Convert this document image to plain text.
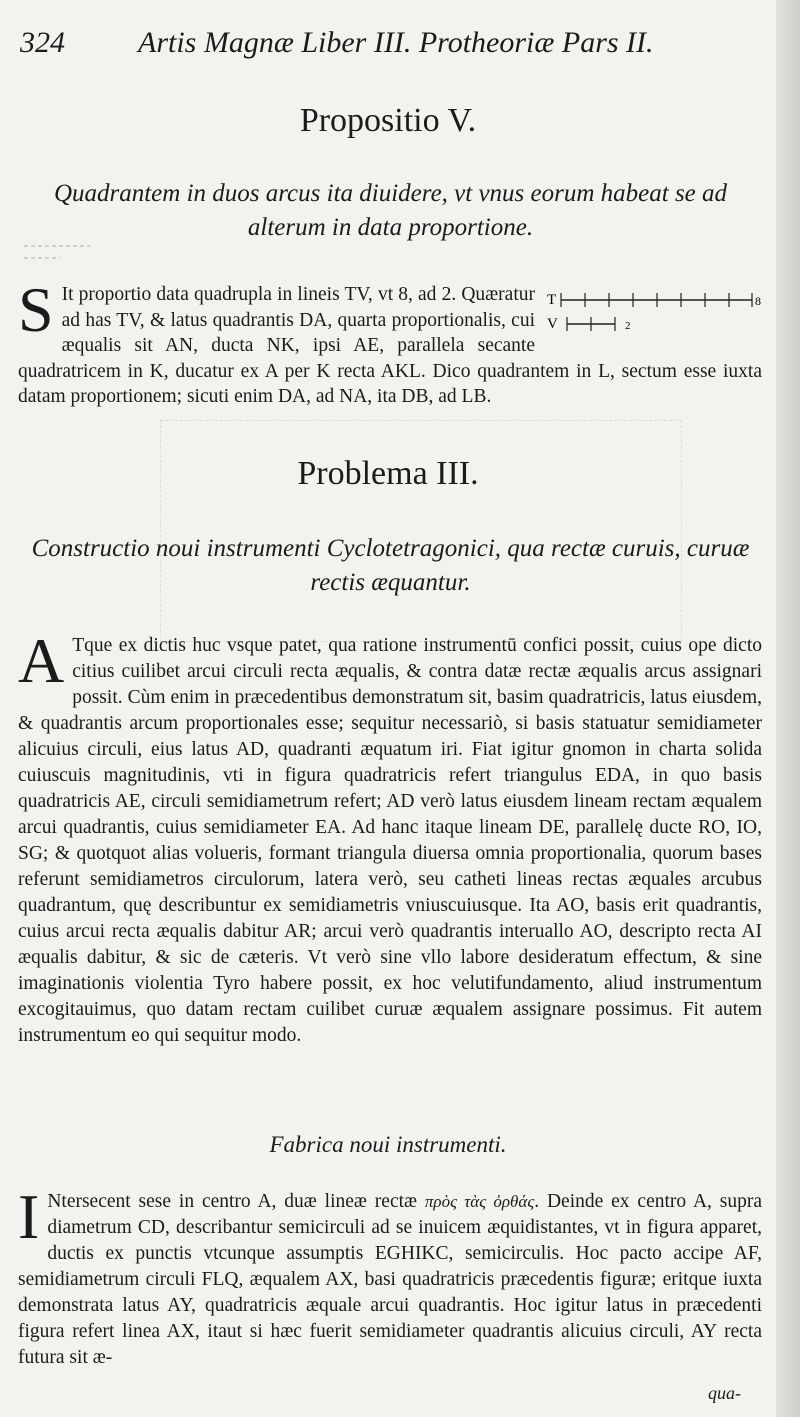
324 Artis Magnæ Liber III. Protheoriæ Pars II.
Propositio V.

Quadrantem in duos arcus ita diuidere, vt vnus eorum habeat se ad alterum in data proportione.

T	8
V	2
S It proportio data quadrupla in lineis TV, vt 8, ad 2. Quæratur ad has TV, & latus quadrantis DA, quarta proportionalis, cui æqualis sit AN, ducta NK, ipsi AE, parallela secante quadratricem in K, ducatur ex A per K recta AKL. Dico quadrantem in L, sectum esse iuxta datam proportionem; sicuti enim DA, ad NA, ita DB, ad LB.

Problema III.

Constructio noui instrumenti Cyclotetragonici, qua rectæ curuis, curuæ rectis æquantur.

A Tque ex dictis huc vsque patet, qua ratione instrumentū confici possit, cuius ope dicto citius cuilibet arcui circuli recta æqualis, & contra datæ rectæ æqualis arcus assignari possit. Cùm enim in præcedentibus demonstratum sit, basim quadratricis, latus eiusdem, & quadrantis arcum proportionales esse; sequitur necessariò, si basis statuatur semidiameter alicuius circuli, eius latus AD, quadranti æquatum iri. Fiat igitur gnomon in charta solida cuiuscuis magnitudinis, vti in figura quadratricis refert triangulus EDA, in quo basis quadratricis AE, circuli semidiametrum refert; AD verò latus eiusdem lineam rectam æqualem arcui quadrantis, cuius semidiameter EA. Ad hanc itaque lineam DE, parallelę ducte RO, IO, SG; & quotquot alias volueris, formant triangula diuersa omnia proportionalia, quorum bases referunt semidiametros circulorum, latera verò, seu catheti lineas rectas æquales arcubus quadrantum, quę describuntur ex semidiametris vniuscuiusque. Ita AO, basis erit quadrantis, cuius arcui recta æqualis dabitur AR; arcui verò quadrantis interuallo AO, descripto recta AI æqualis dabitur, & sic de cæteris. Vt verò sine vllo labore desideratum effectum, & sine imaginationis violentia Tyro habere possit, ex hoc velutifundamento, aliud instrumentum excogitauimus, quo datam rectam cuilibet curuæ æqualem assignare possimus. Fit autem instrumentum eo qui sequitur modo.

Fabrica noui instrumenti.

I Ntersecent sese in centro A, duæ lineæ rectæ πρὸς τὰς ὀρθάς. Deinde ex centro A, supra diametrum CD, describantur semicirculi ad se inuicem æquidistantes, vt in figura apparet, ductis ex punctis vtcunque assumptis EGHIKC, semicirculis. Hoc pacto accipe AF, semidiametrum circuli FLQ, æqualem AX, basi quadratricis præcedentis figuræ; eritque iuxta demonstrata latus AY, quadratricis æquale arcui quadrantis. Hoc igitur latus in præcedenti figura refert linea AX, itaut si hæc fuerit semidiameter quadrantis alicuius circuli, AY recta futura sit æ-

qua-
